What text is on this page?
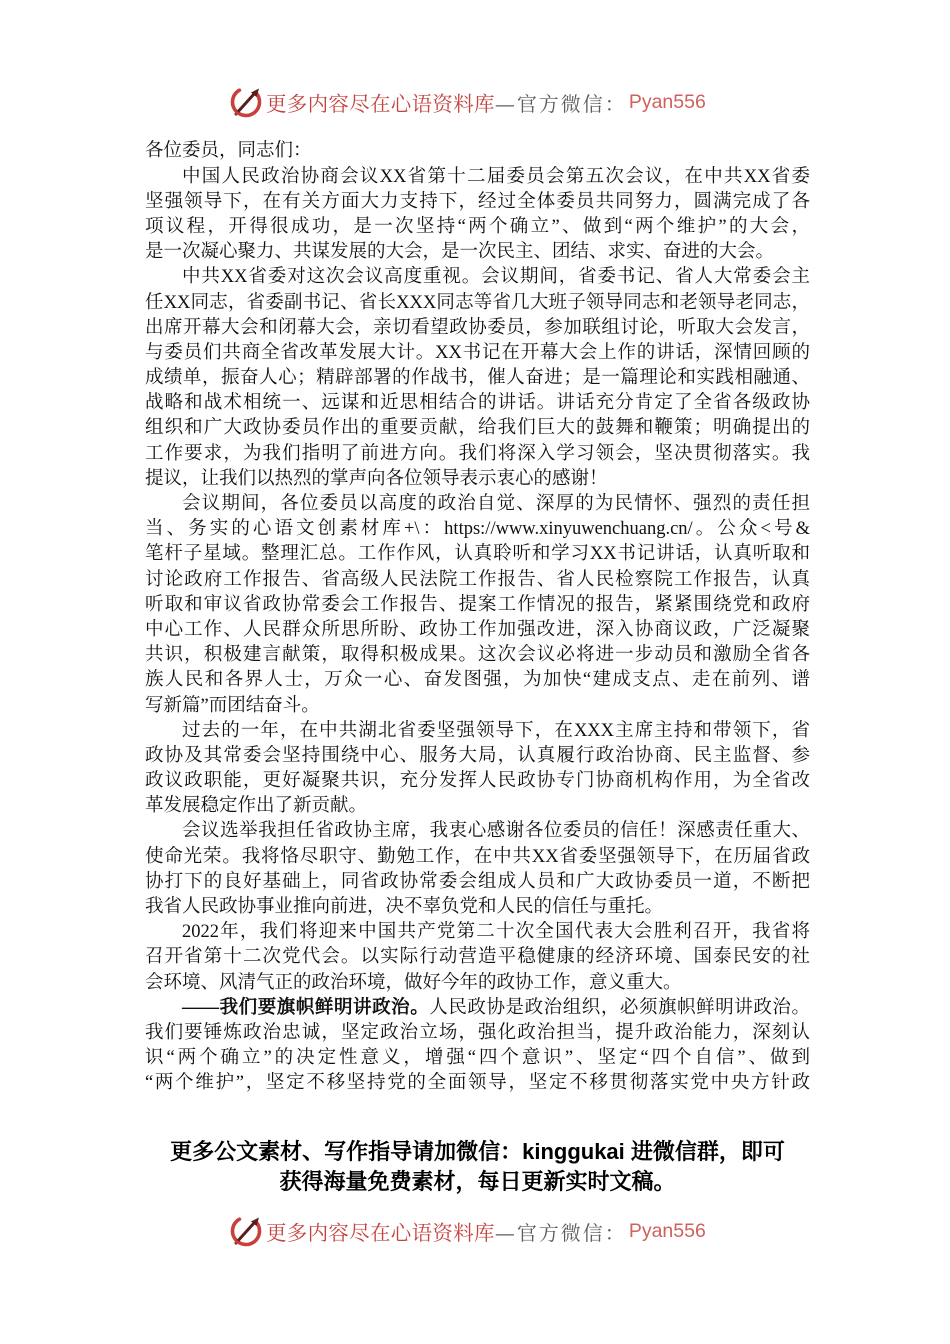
更多内容尽在心语资料库 —官方微信： Pyan556
各位委员，同志们：
中国人民政治协商会议XX省第十二届委员会第五次会议，在中共XX省委
坚强领导下，在有关方面大力支持下，经过全体委员共同努力，圆满完成了各
项议程，开得很成功，是一次坚持“两个确立”、做到“两个维护”的大会，
是一次凝心聚力、共谋发展的大会，是一次民主、团结、求实、奋进的大会。
中共XX省委对这次会议高度重视。会议期间，省委书记、省人大常委会主
任XX同志，省委副书记、省长XXX同志等省几大班子领导同志和老领导老同志，
出席开幕大会和闭幕大会，亲切看望政协委员，参加联组讨论，听取大会发言，
与委员们共商全省改革发展大计。XX书记在开幕大会上作的讲话，深情回顾的
成绩单，振奋人心；精辟部署的作战书，催人奋进；是一篇理论和实践相融通、
战略和战术相统一、远谋和近思相结合的讲话。讲话充分肯定了全省各级政协
组织和广大政协委员作出的重要贡献，给我们巨大的鼓舞和鞭策；明确提出的
工作要求，为我们指明了前进方向。我们将深入学习领会，坚决贯彻落实。我
提议，让我们以热烈的掌声向各位领导表示衷心的感谢！
会议期间，各位委员以高度的政治自觉、深厚的为民情怀、强烈的责任担
当、务实的心语文创素材库+\：https://www.xinyuwenchuang.cn/。公众<号&
笔杆子星域。整理汇总。工作作风，认真聆听和学习XX书记讲话，认真听取和
讨论政府工作报告、省高级人民法院工作报告、省人民检察院工作报告，认真
听取和审议省政协常委会工作报告、提案工作情况的报告，紧紧围绕党和政府
中心工作、人民群众所思所盼、政协工作加强改进，深入协商议政，广泛凝聚
共识，积极建言献策，取得积极成果。这次会议必将进一步动员和激励全省各
族人民和各界人士，万众一心、奋发图强，为加快“建成支点、走在前列、谱
写新篇”而团结奋斗。
过去的一年，在中共湖北省委坚强领导下，在XXX主席主持和带领下，省
政协及其常委会坚持围绕中心、服务大局，认真履行政治协商、民主监督、参
政议政职能，更好凝聚共识，充分发挥人民政协专门协商机构作用，为全省改
革发展稳定作出了新贡献。
会议选举我担任省政协主席，我衷心感谢各位委员的信任！深感责任重大、
使命光荣。我将恪尽职守、勤勉工作，在中共XX省委坚强领导下，在历届省政
协打下的良好基础上，同省政协常委会组成人员和广大政协委员一道，不断把
我省人民政协事业推向前进，决不辜负党和人民的信任与重托。
2022年，我们将迎来中国共产党第二十次全国代表大会胜利召开，我省将
召开省第十二次党代会。以实际行动营造平稳健康的经济环境、国泰民安的社
会环境、风清气正的政治环境，做好今年的政协工作，意义重大。
——我们要旗帜鲜明讲政治。人民政协是政治组织，必须旗帜鲜明讲政治。
我们要锤炼政治忠诚，坚定政治立场，强化政治担当，提升政治能力，深刻认
识“两个确立”的决定性意义，增强“四个意识”、坚定“四个自信”、做到
“两个维护”，坚定不移坚持党的全面领导，坚定不移贯彻落实党中央方针政
更多公文素材、写作指导请加微信：kinggukai 进微信群，即可
获得海量免费素材，每日更新实时文稿。
更多内容尽在心语资料库 —官方微信： Pyan556
